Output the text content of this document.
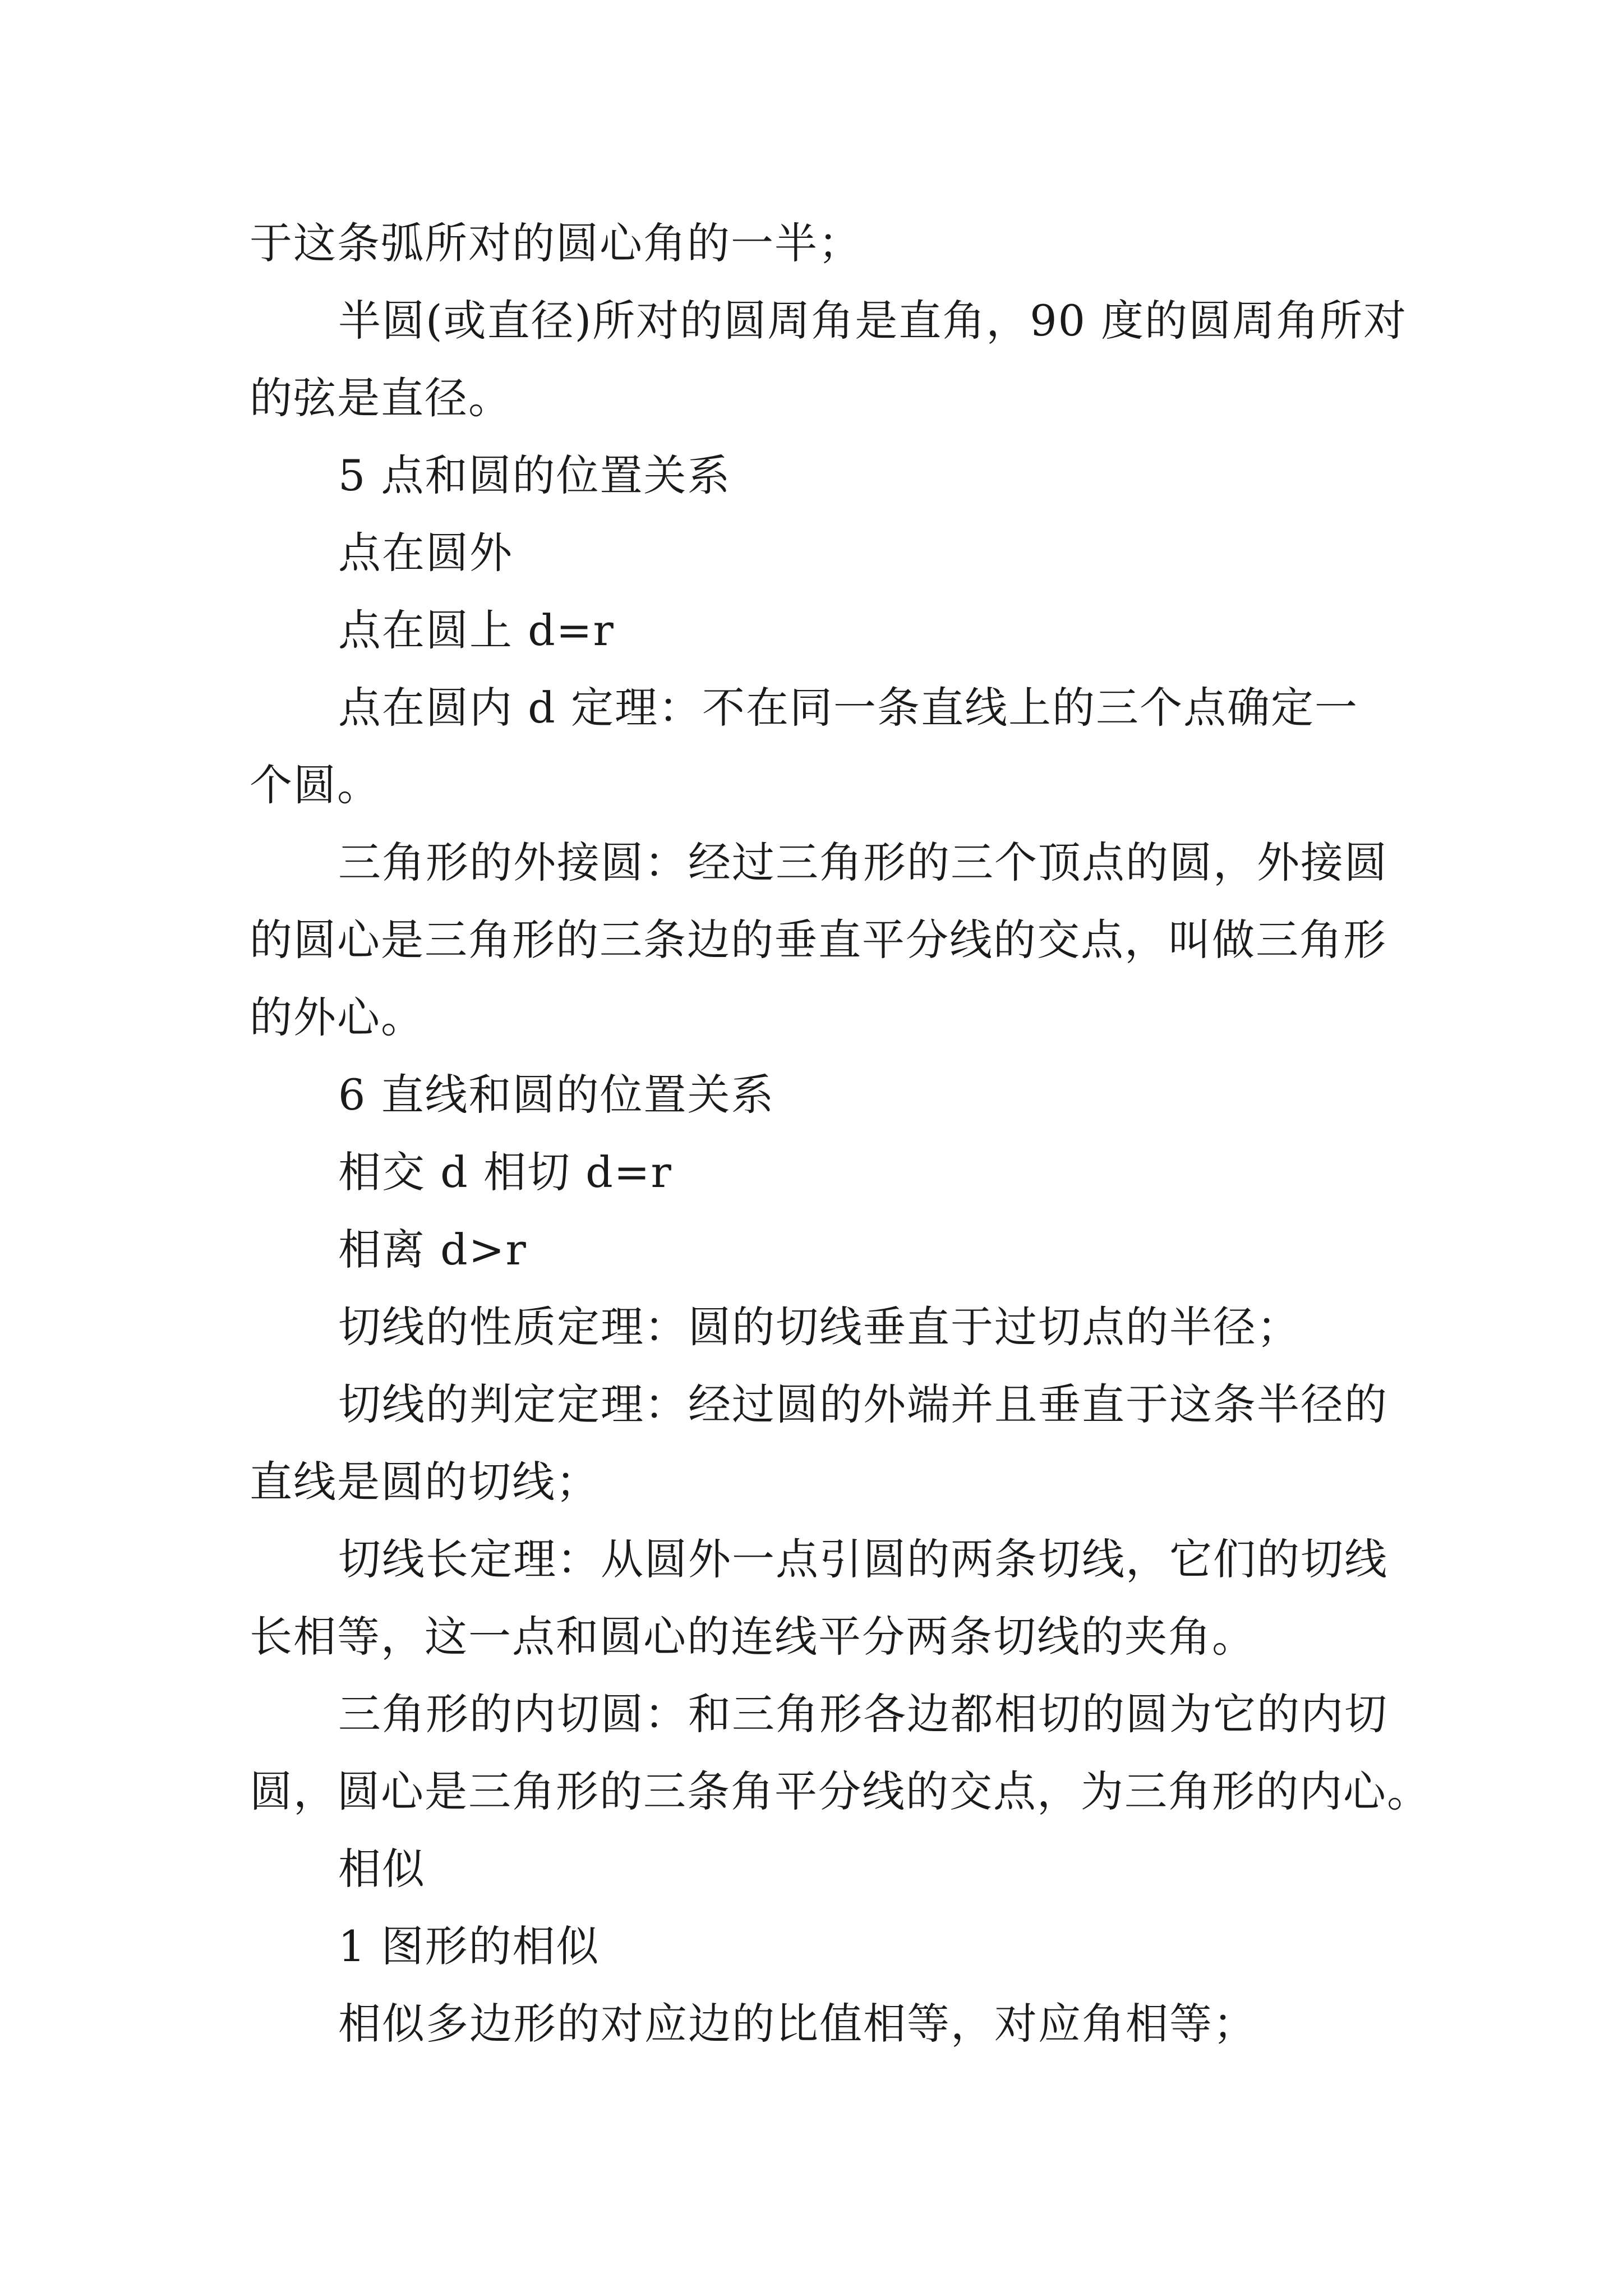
于这条弧所对的圆心角的一半；

半圆(或直径)所对的圆周角是直角，90 度的圆周角所对

的弦是直径。

5 点和圆的位置关系

点在圆外

点在圆上 d=r

点在圆内 d 定理：不在同一条直线上的三个点确定一

个圆。

三角形的外接圆：经过三角形的三个顶点的圆，外接圆

的圆心是三角形的三条边的垂直平分线的交点，叫做三角形

的外心。

6 直线和圆的位置关系

相交 d 相切 d=r

相离 d>r

切线的性质定理：圆的切线垂直于过切点的半径；

切线的判定定理：经过圆的外端并且垂直于这条半径的

直线是圆的切线；

切线长定理：从圆外一点引圆的两条切线，它们的切线

长相等，这一点和圆心的连线平分两条切线的夹角。

三角形的内切圆：和三角形各边都相切的圆为它的内切

圆，圆心是三角形的三条角平分线的交点，为三角形的内心。

相似

1 图形的相似

相似多边形的对应边的比值相等，对应角相等；
